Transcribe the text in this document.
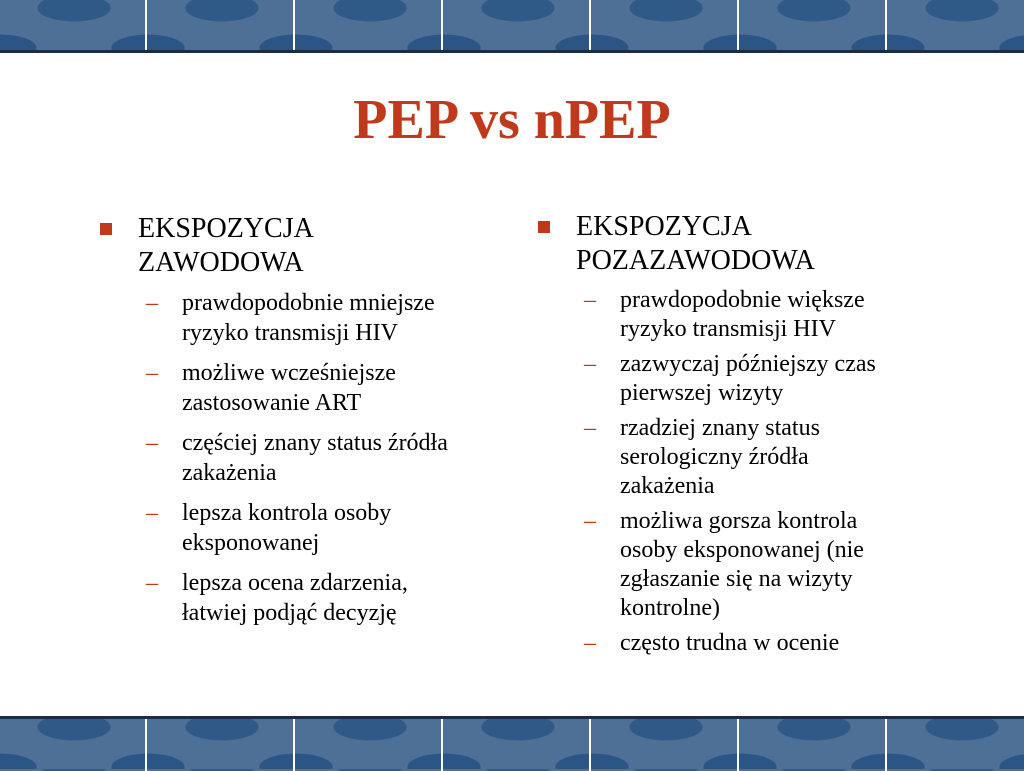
PEP vs nPEP
EKSPOZYCJA ZAWODOWA
–	prawdopodobnie mniejsze ryzyko transmisji HIV
–	możliwe wcześniejsze zastosowanie ART
–	częściej znany status źródła zakażenia
–	lepsza kontrola osoby eksponowanej
–	lepsza ocena zdarzenia, łatwiej podjąć decyzję
EKSPOZYCJA POZAZAWODOWA
–	prawdopodobnie większe ryzyko transmisji HIV
–	zazwyczaj późniejszy czas pierwszej wizyty
–	rzadziej znany status serologiczny źródła zakażenia
–	możliwa gorsza kontrola osoby eksponowanej (nie zgłaszanie się na wizyty kontrolne)
–	często trudna w ocenie
